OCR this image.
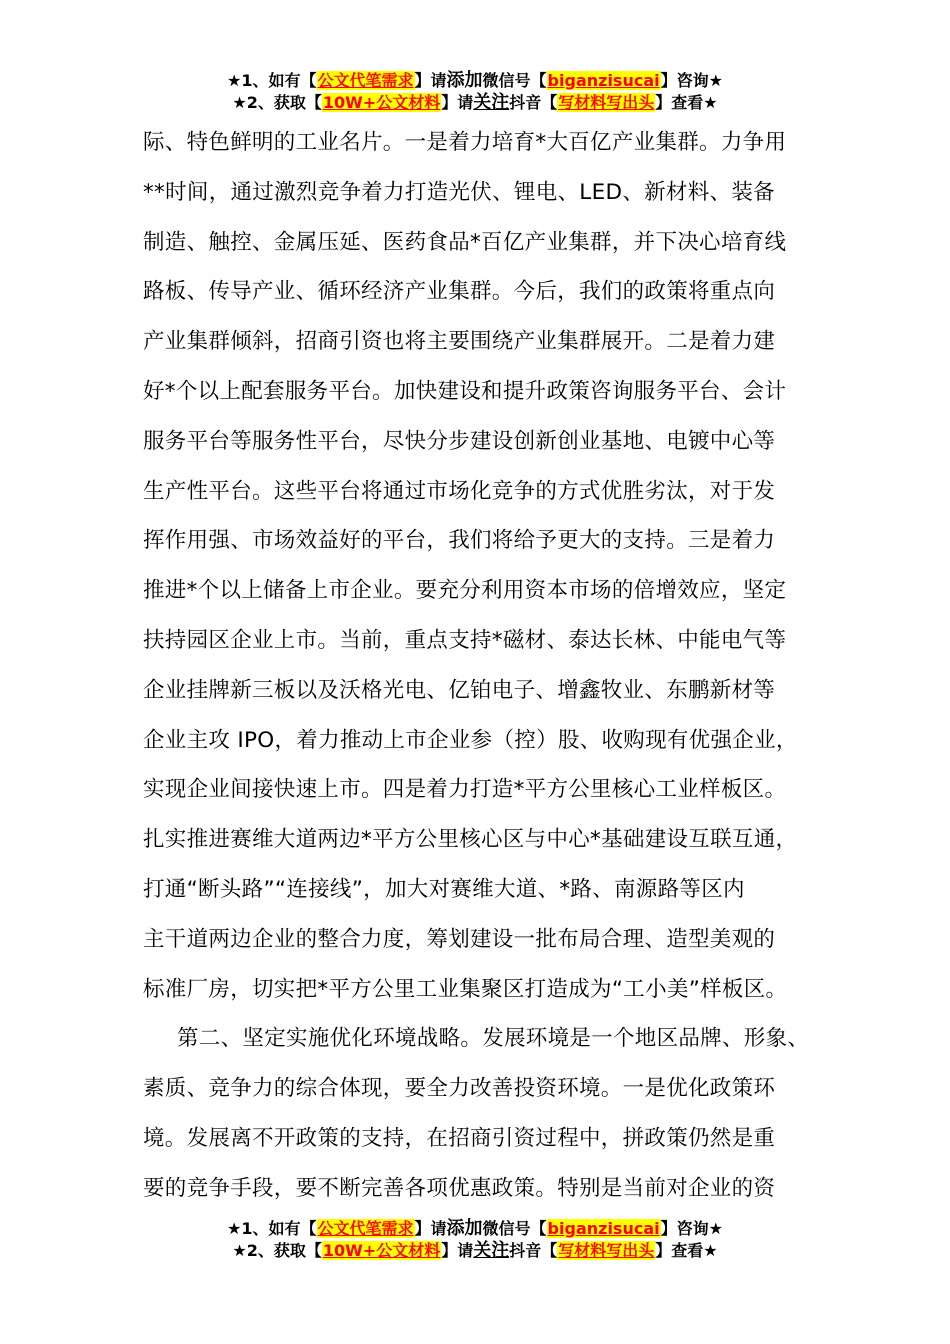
★1、如有【公文代笔需求】请添加微信号【biganzisucai】咨询★
★2、获取【10W+公文材料】请关注抖音【写材料写出头】查看★

际、特色鲜明的工业名片。一是着力培育*大百亿产业集群。力争用

**时间，通过激烈竞争着力打造光伏、锂电、LED、新材料、装备

制造、触控、金属压延、医药食品*百亿产业集群，并下决心培育线

路板、传导产业、循环经济产业集群。今后，我们的政策将重点向

产业集群倾斜，招商引资也将主要围绕产业集群展开。二是着力建

好*个以上配套服务平台。加快建设和提升政策咨询服务平台、会计

服务平台等服务性平台，尽快分步建设创新创业基地、电镀中心等

生产性平台。这些平台将通过市场化竞争的方式优胜劣汰，对于发

挥作用强、市场效益好的平台，我们将给予更大的支持。三是着力

推进*个以上储备上市企业。要充分利用资本市场的倍增效应，坚定

扶持园区企业上市。当前，重点支持*磁材、泰达长林、中能电气等

企业挂牌新三板以及沃格光电、亿铂电子、增鑫牧业、东鹏新材等

企业主攻 IPO，着力推动上市企业参（控）股、收购现有优强企业，

实现企业间接快速上市。四是着力打造*平方公里核心工业样板区。

扎实推进赛维大道两边*平方公里核心区与中心*基础建设互联互通，

打通“断头路”“连接线”，加大对赛维大道、*路、南源路等区内

主干道两边企业的整合力度，筹划建设一批布局合理、造型美观的

标准厂房，切实把*平方公里工业集聚区打造成为“工小美”样板区。

第二、坚定实施优化环境战略。发展环境是一个地区品牌、形象、

素质、竞争力的综合体现，要全力改善投资环境。一是优化政策环

境。发展离不开政策的支持，在招商引资过程中，拼政策仍然是重

要的竞争手段，要不断完善各项优惠政策。特别是当前对企业的资

★1、如有【公文代笔需求】请添加微信号【biganzisucai】咨询★
★2、获取【10W+公文材料】请关注抖音【写材料写出头】查看★
